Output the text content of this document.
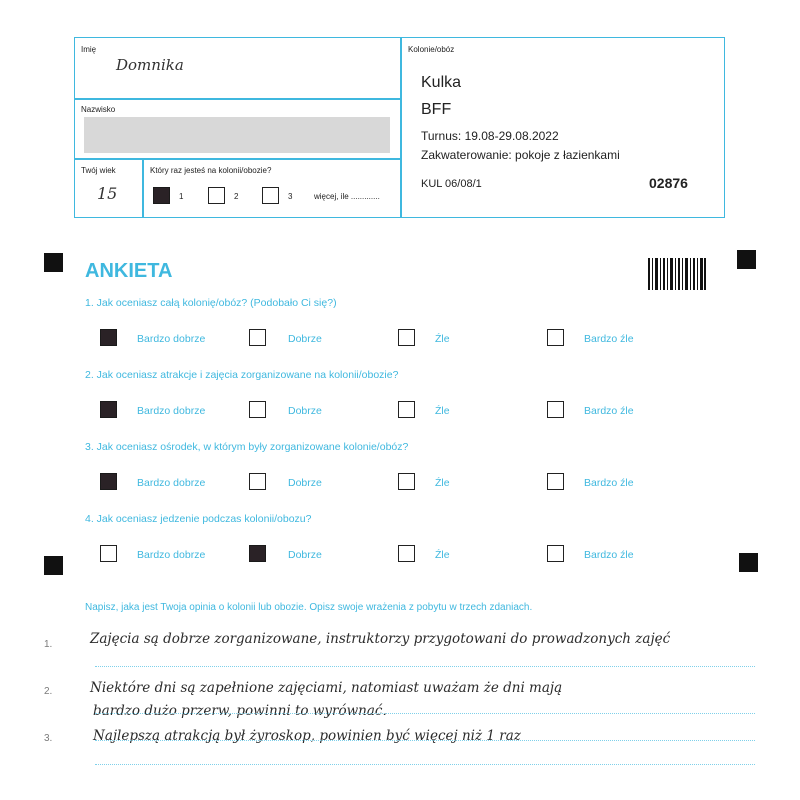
Imię
Domnika
Nazwisko
Twój wiek
15
Który raz jesteś na kolonii/obozie?
1	2	3	więcej, ile .............
Kolonie/obóz
Kulka
BFF
Turnus: 19.08-29.08.2022
Zakwaterowanie: pokoje z łazienkami
KUL 06/08/1	02876
ANKIETA
1. Jak oceniasz całą kolonię/obóz? (Podobało Ci się?)
Bardzo dobrze	Dobrze	Źle	Bardzo źle
2. Jak oceniasz atrakcje i zajęcia zorganizowane na kolonii/obozie?
Bardzo dobrze	Dobrze	Źle	Bardzo źle
3. Jak oceniasz ośrodek, w którym były zorganizowane kolonie/obóz?
Bardzo dobrze	Dobrze	Źle	Bardzo źle
4. Jak oceniasz jedzenie podczas kolonii/obozu?
Bardzo dobrze	Dobrze	Źle	Bardzo źle
Napisz, jaka jest Twoja opinia o kolonii lub obozie. Opisz swoje wrażenia z pobytu w trzech zdaniach.
1.	Zajęcia są dobrze zorganizowane, instruktorzy przygotowani do prowadzonych zajęć
2.	Niektóre dni są zapełnione zajęciami, natomiast uważam że dni mają
bardzo dużo przerw, powinni to wyrównać.
3.	Najlepszą atrakcją był żyroskop, powinien być więcej niż 1 raz
